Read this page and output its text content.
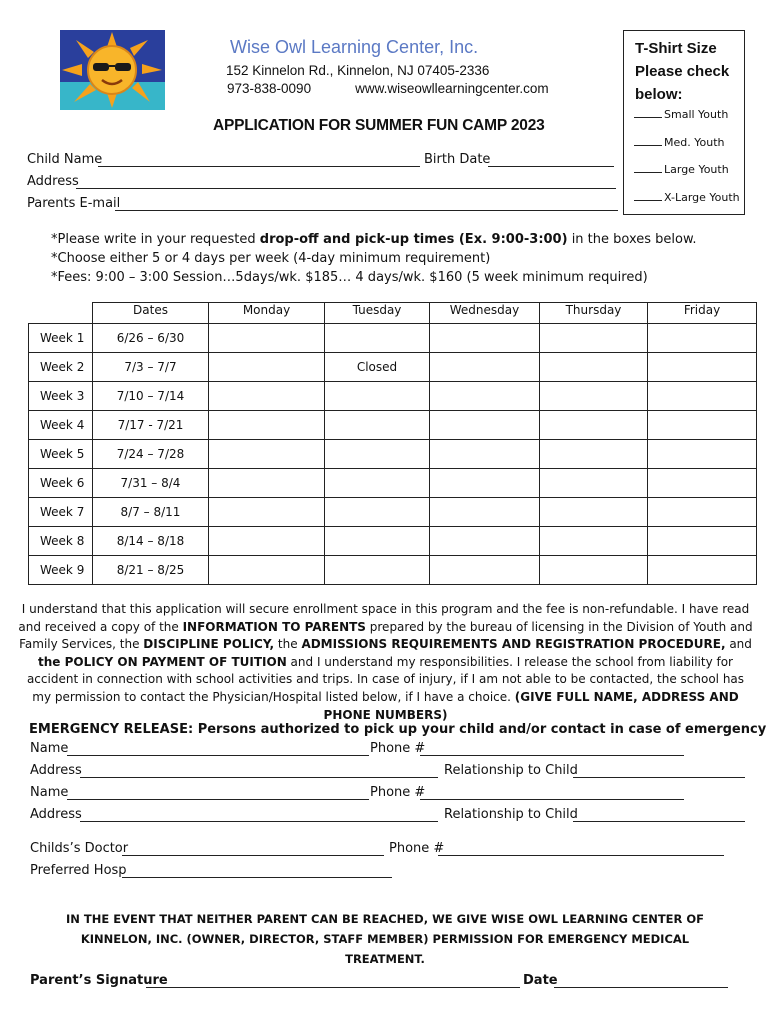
Wise Owl Learning Center, Inc.
152 Kinnelon Rd., Kinnelon, NJ 07405-2336
973-838-0090	www.wiseowllearningcenter.com
APPLICATION FOR SUMMER FUN CAMP 2023
T-Shirt Size Please check below:
Small Youth
Med. Youth
Large Youth
X-Large Youth
Child Name	Birth Date
Address
Parents E-mail
*Please write in your requested drop-off and pick-up times (Ex. 9:00-3:00) in the boxes below.
*Choose either 5 or 4 days per week (4-day minimum requirement)
*Fees: 9:00 – 3:00 Session…5days/wk. $185… 4 days/wk. $160 (5 week minimum required)
	Dates	Monday	Tuesday	Wednesday	Thursday	Friday
Week 1	6/26 – 6/30					
Week 2	7/3 – 7/7		Closed			
Week 3	7/10 – 7/14					
Week 4	7/17 - 7/21					
Week 5	7/24 – 7/28					
Week 6	7/31 – 8/4					
Week 7	8/7 – 8/11					
Week 8	8/14 – 8/18					
Week 9	8/21 – 8/25					
I understand that this application will secure enrollment space in this program and the fee is non-refundable. I have read and received a copy of the INFORMATION TO PARENTS prepared by the bureau of licensing in the Division of Youth and Family Services, the DISCIPLINE POLICY, the ADMISSIONS REQUIREMENTS AND REGISTRATION PROCEDURE, and the POLICY ON PAYMENT OF TUITION and I understand my responsibilities. I release the school from liability for accident in connection with school activities and trips. In case of injury, if I am not able to be contacted, the school has my permission to contact the Physician/Hospital listed below, if I have a choice. (GIVE FULL NAME, ADDRESS AND PHONE NUMBERS)
EMERGENCY RELEASE: Persons authorized to pick up your child and/or contact in case of emergency
Name	Phone #
Address	Relationship to Child
Name	Phone #
Address	Relationship to Child
Childs’s Doctor	Phone #
Preferred Hosp
IN THE EVENT THAT NEITHER PARENT CAN BE REACHED, WE GIVE WISE OWL LEARNING CENTER OF
KINNELON, INC. (OWNER, DIRECTOR, STAFF MEMBER) PERMISSION FOR EMERGENCY MEDICAL TREATMENT.
Parent’s Signature	Date
